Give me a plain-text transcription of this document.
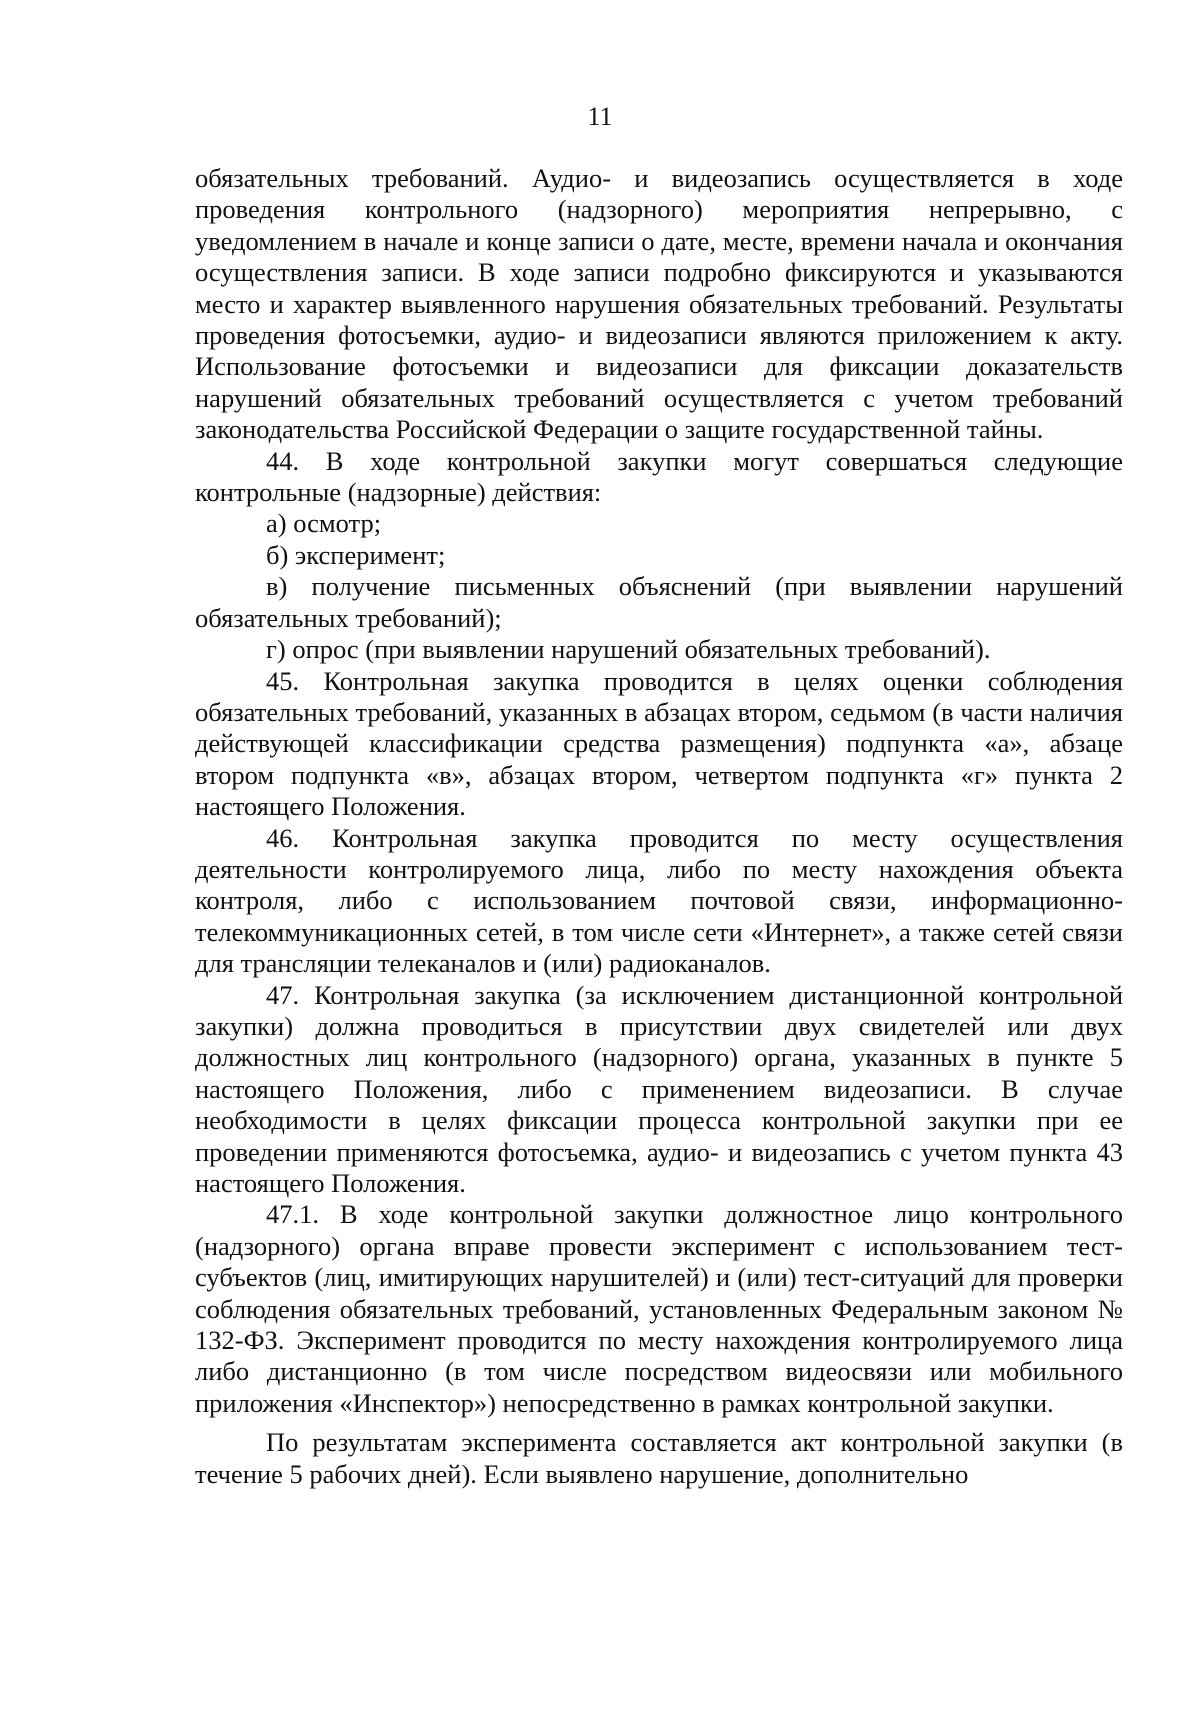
11

обязательных требований. Аудио- и видеозапись осуществляется в ходе проведения контрольного (надзорного) мероприятия непрерывно, с уведомлением в начале и конце записи о дате, месте, времени начала и окончания осуществления записи. В ходе записи подробно фиксируются и указываются место и характер выявленного нарушения обязательных требований. Результаты проведения фотосъемки, аудио- и видеозаписи являются приложением к акту. Использование фотосъемки и видеозаписи для фиксации доказательств нарушений обязательных требований осуществляется с учетом требований законодательства Российской Федерации о защите государственной тайны.

44. В ходе контрольной закупки могут совершаться следующие контрольные (надзорные) действия:

а) осмотр;

б) эксперимент;

в) получение письменных объяснений (при выявлении нарушений обязательных требований);

г) опрос (при выявлении нарушений обязательных требований).

45. Контрольная закупка проводится в целях оценки соблюдения обязательных требований, указанных в абзацах втором, седьмом (в части наличия действующей классификации средства размещения) подпункта «а», абзаце втором подпункта «в», абзацах втором, четвертом подпункта «г» пункта 2 настоящего Положения.

46. Контрольная закупка проводится по месту осуществления деятельности контролируемого лица, либо по месту нахождения объекта контроля, либо с использованием почтовой связи, информационно-телекоммуникационных сетей, в том числе сети «Интернет», а также сетей связи для трансляции телеканалов и (или) радиоканалов.

47. Контрольная закупка (за исключением дистанционной контрольной закупки) должна проводиться в присутствии двух свидетелей или двух должностных лиц контрольного (надзорного) органа, указанных в пункте 5 настоящего Положения, либо с применением видеозаписи. В случае необходимости в целях фиксации процесса контрольной закупки при ее проведении применяются фотосъемка, аудио- и видеозапись с учетом пункта 43 настоящего Положения.

47.1. В ходе контрольной закупки должностное лицо контрольного (надзорного) органа вправе провести эксперимент с использованием тест-субъектов (лиц, имитирующих нарушителей) и (или) тест-ситуаций для проверки соблюдения обязательных требований, установленных Федеральным законом № 132-ФЗ. Эксперимент проводится по месту нахождения контролируемого лица либо дистанционно (в том числе посредством видеосвязи или мобильного приложения «Инспектор») непосредственно в рамках контрольной закупки.

По результатам эксперимента составляется акт контрольной закупки (в течение 5 рабочих дней). Если выявлено нарушение, дополнительно
